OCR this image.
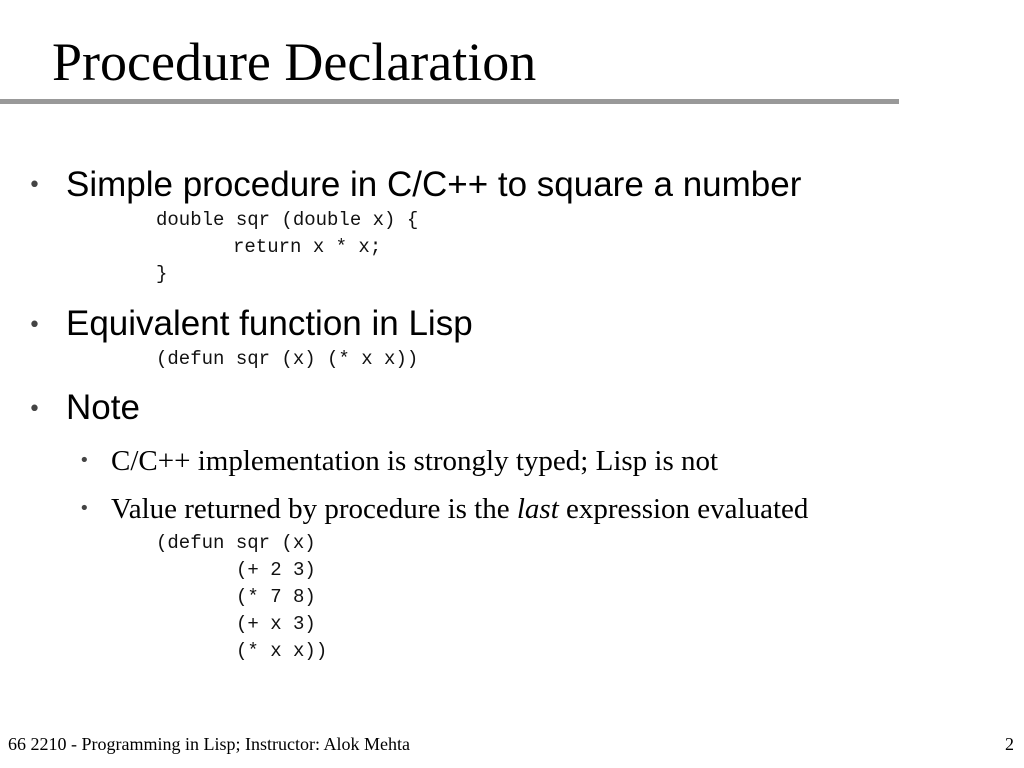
Procedure Declaration
• Simple procedure in C/C++ to square a number
double sqr (double x) {
return x * x;
}
• Equivalent function in Lisp
(defun sqr (x) (* x x))
• Note
• C/C++ implementation is strongly typed; Lisp is not
• Value returned by procedure is the last expression evaluated
(defun sqr (x)
(+ 2 3)
(* 7 8)
(+ x 3)
(* x x))
66 2210 - Programming in Lisp; Instructor: Alok Mehta	2
